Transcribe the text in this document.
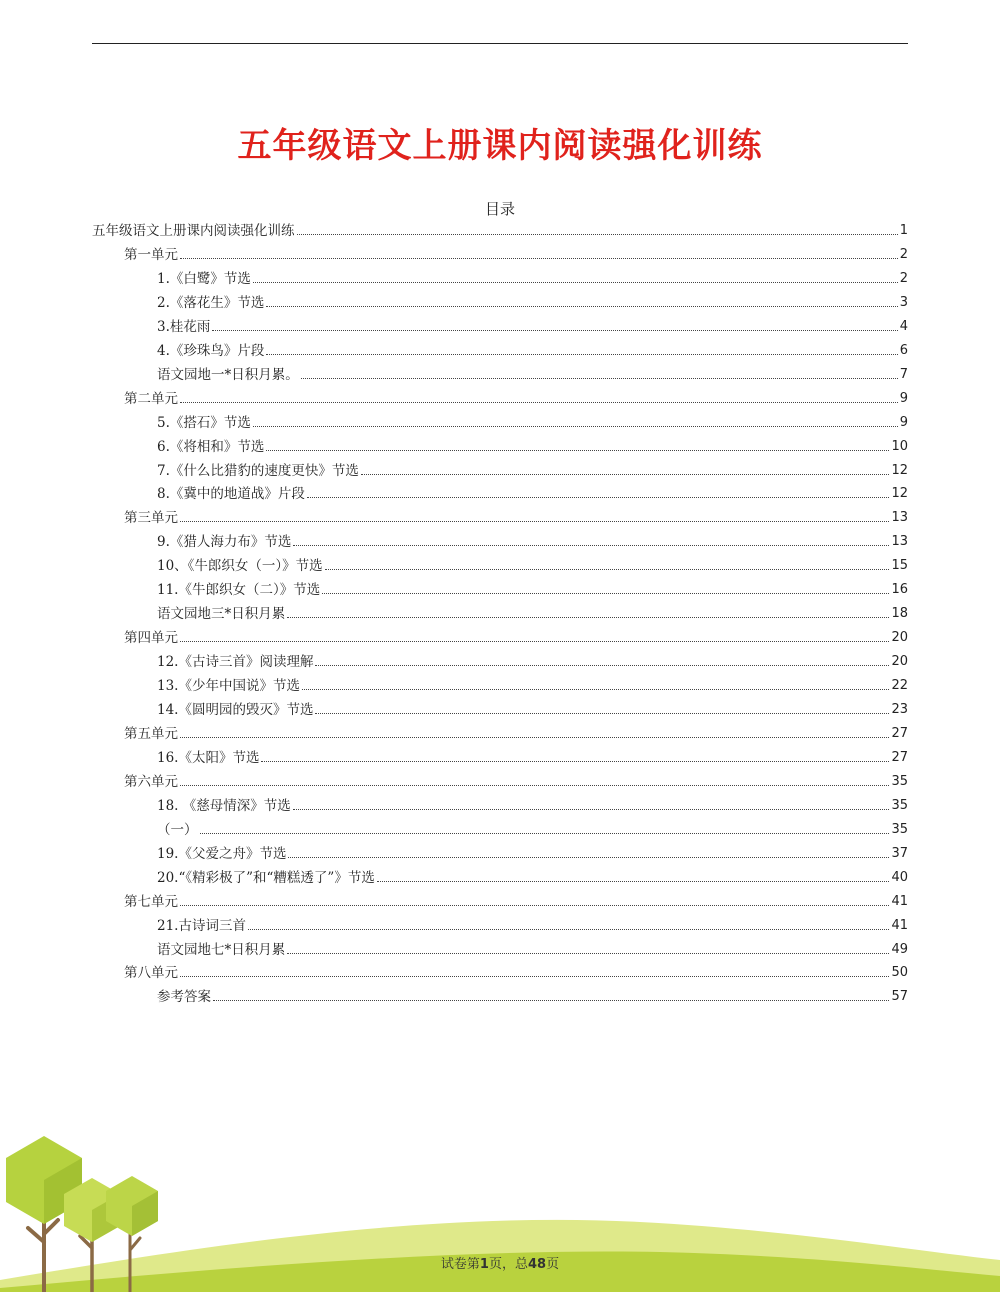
五年级语文上册课内阅读强化训练
目录
五年级语文上册课内阅读强化训练	1
第一单元	2
1.《白鹭》节选	2
2.《落花生》节选	3
3.桂花雨	4
4.《珍珠鸟》片段	6
语文园地一*日积月累。	7
第二单元	9
5.《搭石》节选	9
6.《将相和》节选	10
7.《什么比猎豹的速度更快》节选	12
8.《冀中的地道战》片段	12
第三单元	13
9.《猎人海力布》节选	13
10、《牛郎织女（一）》节选	15
11.《牛郎织女（二）》节选	16
语文园地三*日积月累	18
第四单元	20
12.《古诗三首》阅读理解	20
13.《少年中国说》节选	22
14.《圆明园的毁灭》节选	23
第五单元	27
16.《太阳》节选	27
第六单元	35
18. 《慈母情深》节选	35
（一）	35
19.《父爱之舟》节选	37
20.“《精彩极了”和“糟糕透了”》节选	40
第七单元	41
21.古诗词三首	41
语文园地七*日积月累	49
第八单元	50
参考答案	57
试卷第1页，总48页
